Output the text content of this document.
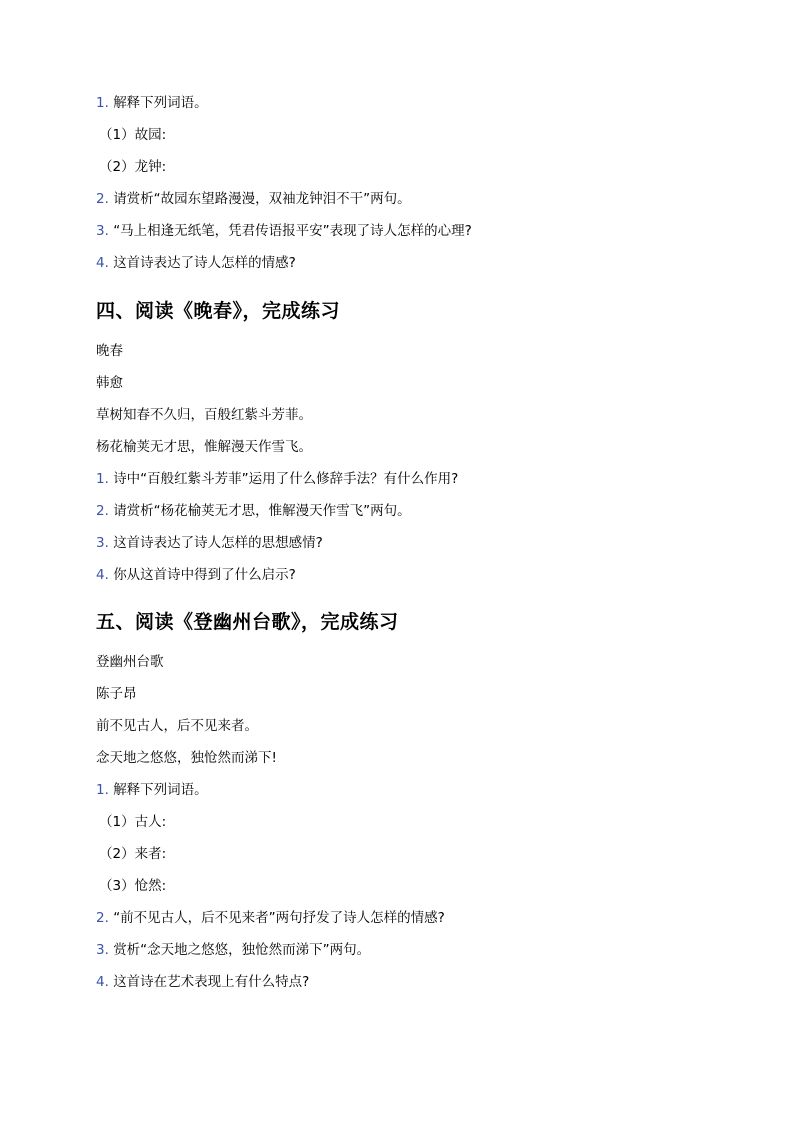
1. 解释下列词语。
（1）故园:
（2）龙钟:
2. 请赏析“故园东望路漫漫，双袖龙钟泪不干”两句。
3. “马上相逢无纸笔，凭君传语报平安”表现了诗人怎样的心理?
4. 这首诗表达了诗人怎样的情感?
四、阅读《晚春》，完成练习
晚春
韩愈
草树知春不久归，百般红紫斗芳菲。
杨花榆荚无才思，惟解漫天作雪飞。
1. 诗中“百般红紫斗芳菲”运用了什么修辞手法？有什么作用?
2. 请赏析“杨花榆荚无才思，惟解漫天作雪飞”两句。
3. 这首诗表达了诗人怎样的思想感情?
4. 你从这首诗中得到了什么启示?
五、阅读《登幽州台歌》，完成练习
登幽州台歌
陈子昂
前不见古人，后不见来者。
念天地之悠悠，独怆然而涕下!
1. 解释下列词语。
（1）古人:
（2）来者:
（3）怆然:
2. “前不见古人，后不见来者”两句抒发了诗人怎样的情感?
3. 赏析“念天地之悠悠，独怆然而涕下”两句。
4. 这首诗在艺术表现上有什么特点?
